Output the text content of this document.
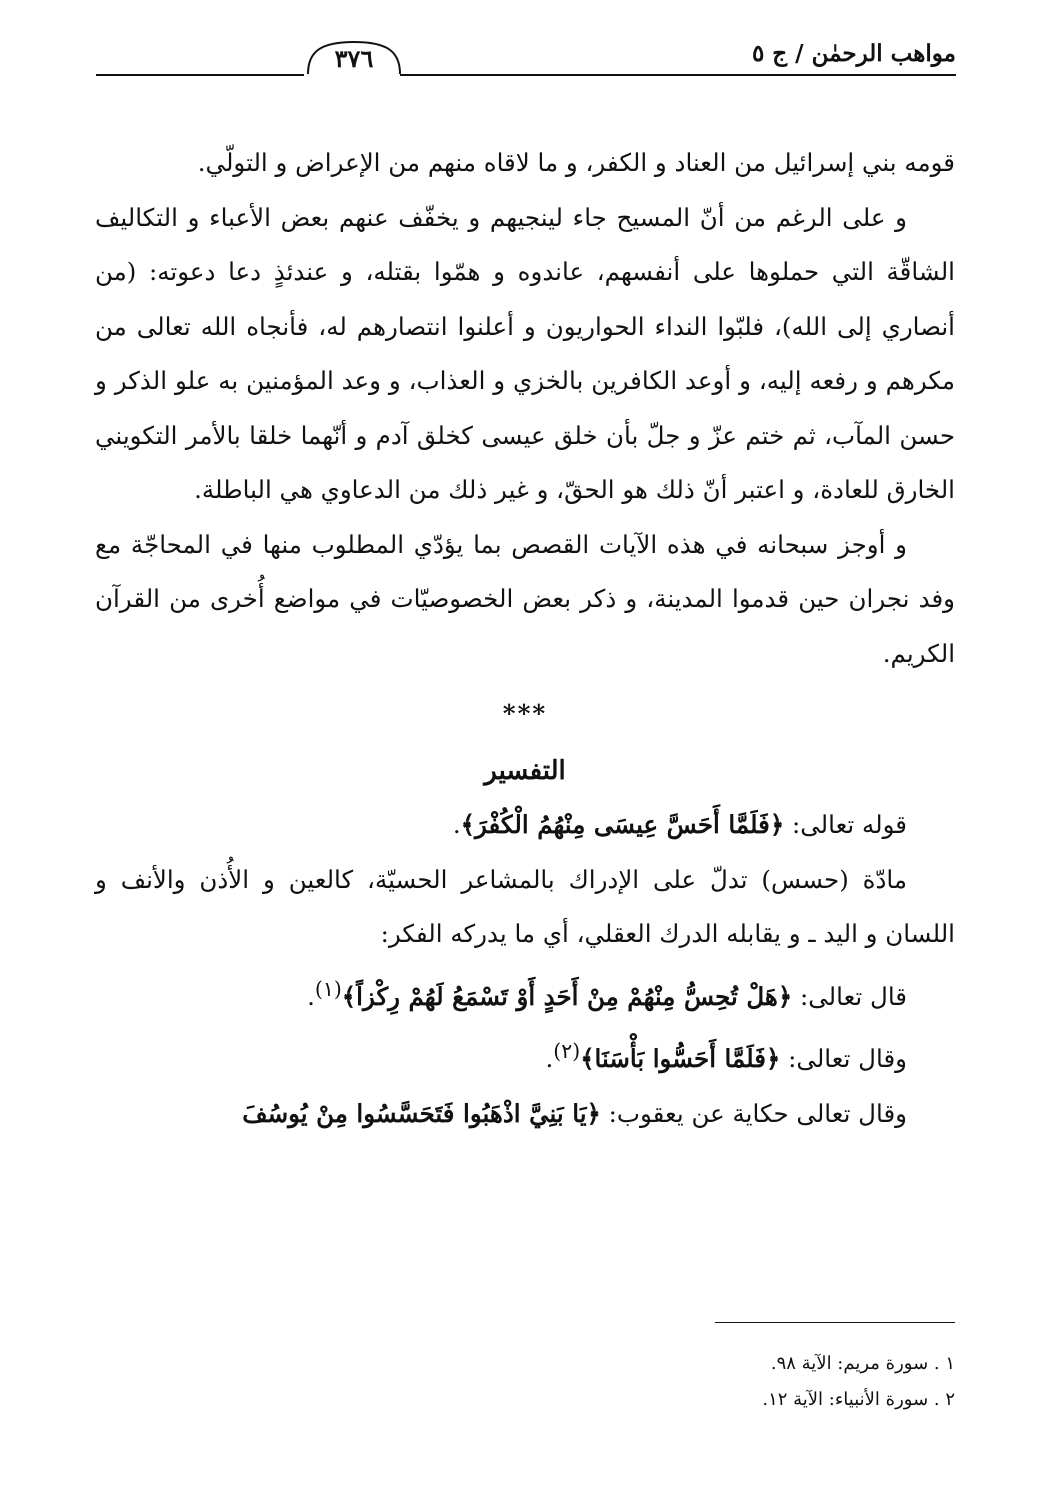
مواهب الرحمٰن / ج ٥
٣٧٦

قومه بني إسرائيل من العناد و الكفر، و ما لاقاه منهم من الإعراض و التولّي.

و على الرغم من أنّ المسيح جاء لينجيهم و يخفّف عنهم بعض الأعباء و التكاليف الشاقّة التي حملوها على أنفسهم، عاندوه و همّوا بقتله، و عندئذٍ دعا دعوته: (من أنصاري إلى الله)، فلبّوا النداء الحواريون و أعلنوا انتصارهم له، فأنجاه الله تعالى من مكرهم و رفعه إليه، و أوعد الكافرين بالخزي و العذاب، و وعد المؤمنين به علو الذكر و حسن المآب، ثم ختم عزّ و جلّ بأن خلق عيسى كخلق آدم و أنّهما خلقا بالأمر التكويني الخارق للعادة، و اعتبر أنّ ذلك هو الحقّ، و غير ذلك من الدعاوي هي الباطلة.

و أوجز سبحانه في هذه الآيات القصص بما يؤدّي المطلوب منها في المحاجّة مع وفد نجران حين قدموا المدينة، و ذكر بعض الخصوصيّات في مواضع أُخرى من القرآن الكريم.

***

التفسير

قوله تعالى: ﴿فَلَمَّا أَحَسَّ عِيسَى مِنْهُمُ الْكُفْرَ﴾.

مادّة (حسس) تدلّ على الإدراك بالمشاعر الحسيّة، كالعين و الأُذن والأنف و اللسان و اليد ـ و يقابله الدرك العقلي، أي ما يدركه الفكر:

قال تعالى: ﴿هَلْ تُحِسُّ مِنْهُمْ مِنْ أَحَدٍ أَوْ تَسْمَعُ لَهُمْ رِكْزاً﴾$^{(١)}$.

وقال تعالى: ﴿فَلَمَّا أَحَسُّوا بَأْسَنَا﴾$^{(٢)}$.

وقال تعالى حكاية عن يعقوب: ﴿يَا بَنِيَّ اذْهَبُوا فَتَحَسَّسُوا مِنْ يُوسُفَ

١ . سورة مريم: الآية ٩٨.

٢ . سورة الأنبياء: الآية ١٢.
